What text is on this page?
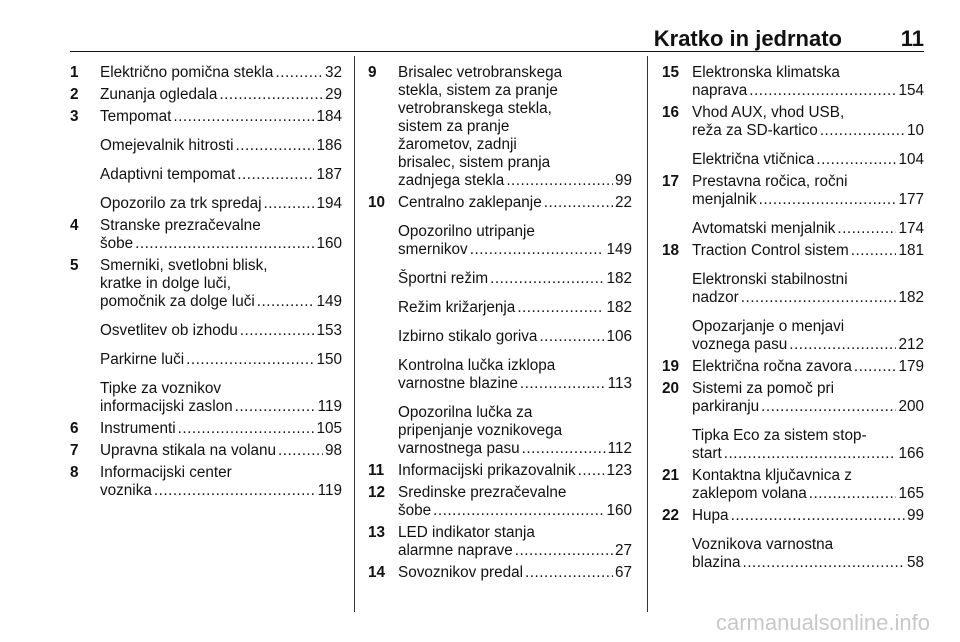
Kratko in jedrnato	11
1	Električno pomična stekla .....	32
2	Zunanja ogledala .....	29
3	Tempomat .....	184
Omejevalnik hitrosti .....	186
Adaptivni tempomat .....	187
Opozorilo za trk spredaj .....	194
4	Stranske prezračevalne
šobe .....	160
5	Smerniki, svetlobni blisk,
kratke in dolge luči,
pomočnik za dolge luči .....	149
Osvetlitev ob izhodu .....	153
Parkirne luči .....	150
Tipke za voznikov
informacijski zaslon .....	119
6	Instrumenti .....	105
7	Upravna stikala na volanu .....	98
8	Informacijski center
voznika .....	119
9	Brisalec vetrobranskega
stekla, sistem za pranje
vetrobranskega stekla,
sistem za pranje
žarometov, zadnji
brisalec, sistem pranja
zadnjega stekla .....	99
10 Centralno zaklepanje .....	22
Opozorilno utripanje
smernikov .....	149
Športni režim .....	182
Režim križarjenja .....	182
Izbirno stikalo goriva .....	106
Kontrolna lučka izklopa
varnostne blazine .....	113
Opozorilna lučka za
pripenjanje voznikovega
varnostnega pasu .....	112
11 Informacijski prikazovalnik ..... 123
12 Sredinske prezračevalne
šobe .....	160
13 LED indikator stanja
alarmne naprave .....	27
14 Sovoznikov predal .....	67
15 Elektronska klimatska
naprava .....	154
16 Vhod AUX, vhod USB,
reža za SD-kartico .....	10
Električna vtičnica .....	104
17 Prestavna ročica, ročni
menjalnik .....	177
Avtomatski menjalnik .....	174
18 Traction Control sistem .....	181
Elektronski stabilnostni
nadzor .....	182
Opozarjanje o menjavi
voznega pasu .....	212
19 Električna ročna zavora .....	179
20 Sistemi za pomoč pri
parkiranju .....	200
Tipka Eco za sistem stop-
start .....	166
21 Kontaktna ključavnica z
zaklepom volana .....	165
22 Hupa .....	99
Voznikova varnostna
blazina .....	58
carmanualsonline.info
